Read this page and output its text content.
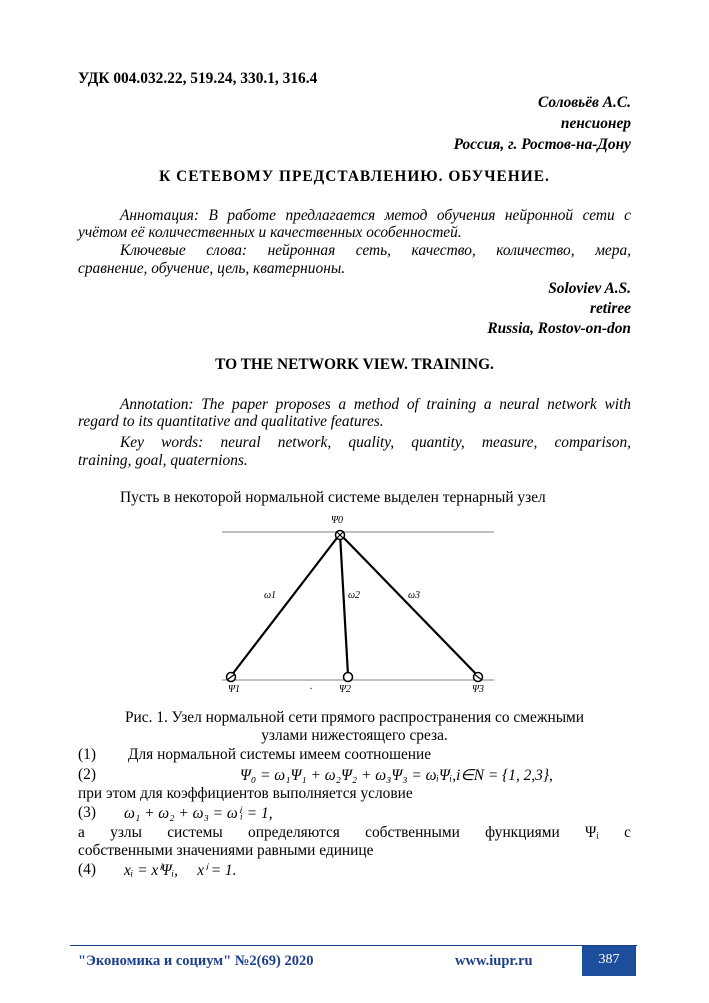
УДК 004.032.22, 519.24, 330.1, 316.4
Соловьёв А.С.
пенсионер
Россия, г. Ростов-на-Дону
К СЕТЕВОМУ ПРЕДСТАВЛЕНИЮ. ОБУЧЕНИЕ.
Аннотация: В работе предлагается метод обучения нейронной сети с
учётом её количественных и качественных особенностей.
Ключевые слова: нейронная сеть, качество, количество, мера,
сравнение, обучение, цель, кватернионы.
Soloviev A.S.
retiree
Russia, Rostov-on-don
TO THE NETWORK VIEW. TRAINING.
Annotation: The paper proposes a method of training a neural network with
regard to its quantitative and qualitative features.
Key words: neural network, quality, quantity, measure, comparison,
training, goal, quaternions.
Пусть в некоторой нормальной системе выделен тернарный узел
Ψ0
ω1	ω2	ω3
Ψ1	.	Ψ2	Ψ3
Рис. 1. Узел нормальной сети прямого распространения со смежными
узлами нижестоящего среза.
(1) Для нормальной системы имеем соотношение
(2)	Ψ₀ = ω₁Ψ₁ + ω₂Ψ₂ + ω₃Ψ₃ = ωᵢΨᵢ,i∈N = {1, 2,3},
при этом для коэффициентов выполняется условие
(3) ω₁ + ω₂ + ω₃ = ωⁱᵢ = 1,
а узлы системы определяются собственными функциями Ψᵢ с
собственными значениями равными единице
(4) xᵢ = xⁱΨᵢ,     xⁱ = 1.
"Экономика и социум" №2(69) 2020	www.iupr.ru	387
